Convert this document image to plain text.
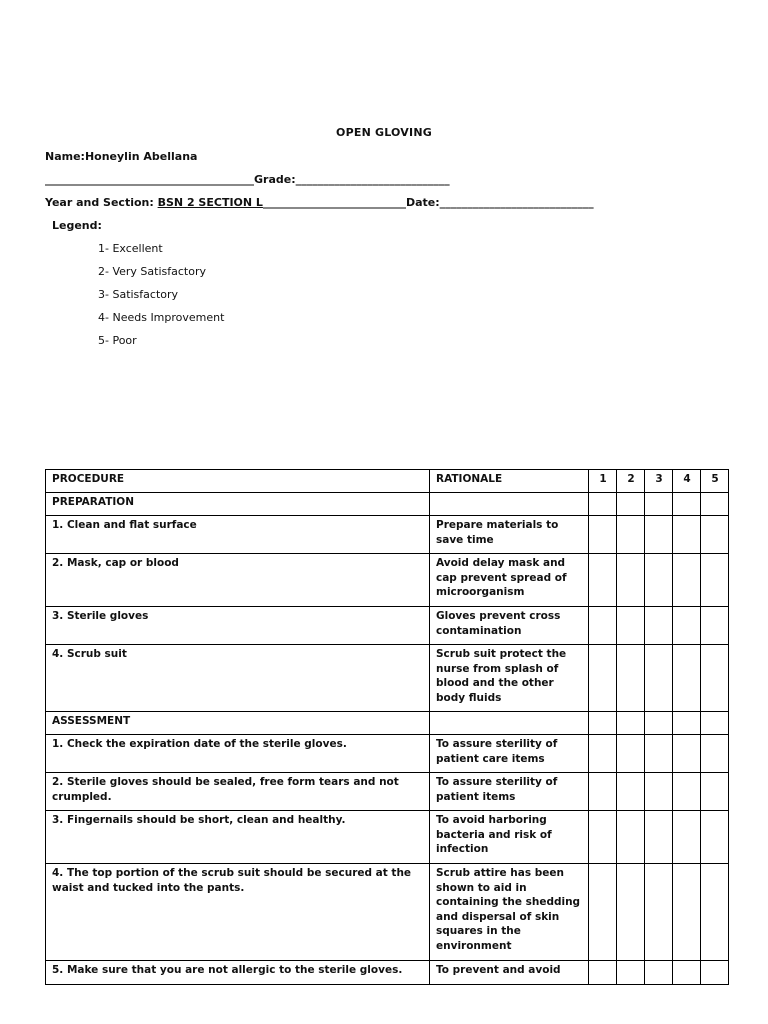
OPEN GLOVING
Name:Honeylin Abellana
______________________________________Grade:____________________________
Year and Section: BSN 2 SECTION L__________________________Date:____________________________
Legend:
1- Excellent
2- Very Satisfactory
3- Satisfactory
4- Needs Improvement
5- Poor
PROCEDURE	RATIONALE	1	2	3	4	5
PREPARATION						
1. Clean and flat surface	Prepare materials to save time					
2. Mask, cap or blood	Avoid delay mask and cap prevent spread of microorganism					
3. Sterile gloves	Gloves prevent cross contamination					
4. Scrub suit	Scrub suit protect the nurse from splash of blood and the other body fluids					
ASSESSMENT						
1. Check the expiration date of the sterile gloves.	To assure sterility of patient care items					
2. Sterile gloves should be sealed, free form tears and not crumpled.	To assure sterility of patient items					
3. Fingernails should be short, clean and healthy.	To avoid harboring bacteria and risk of infection					
4. The top portion of the scrub suit should be secured at the waist and tucked into the pants.	Scrub attire has been shown to aid in containing the shedding and dispersal of skin squares in the environment					
5. Make sure that you are not allergic to the sterile gloves.	To prevent and avoid					
